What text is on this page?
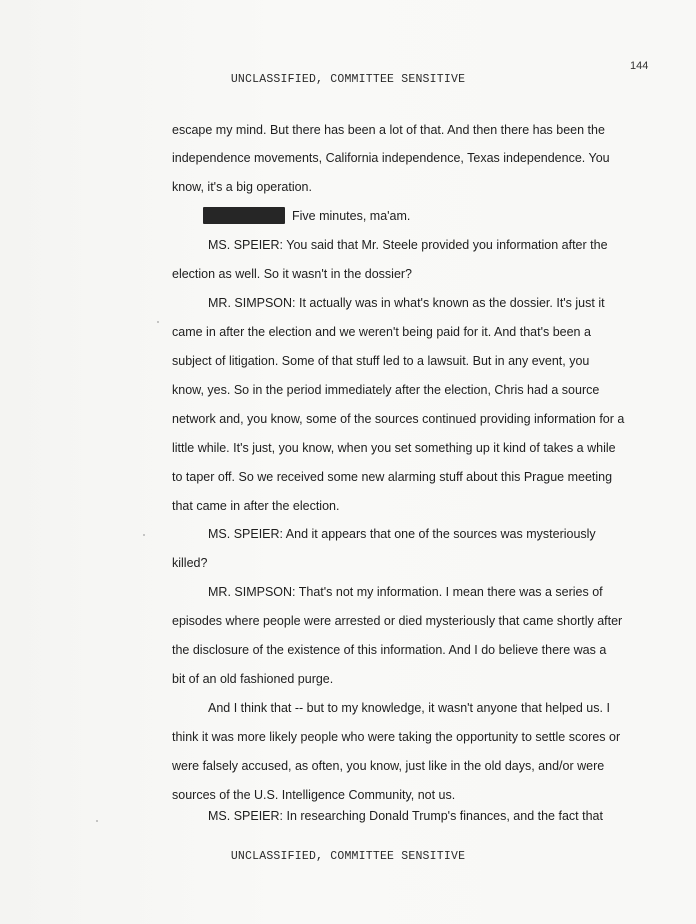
144
UNCLASSIFIED, COMMITTEE SENSITIVE
escape my mind. But there has been a lot of that. And then there has been the
independence movements, California independence, Texas independence. You
know, it's a big operation.
Five minutes, ma'am.
MS. SPEIER: You said that Mr. Steele provided you information after the
election as well. So it wasn't in the dossier?
MR. SIMPSON: It actually was in what's known as the dossier. It's just it
came in after the election and we weren't being paid for it. And that's been a
subject of litigation. Some of that stuff led to a lawsuit. But in any event, you
know, yes. So in the period immediately after the election, Chris had a source
network and, you know, some of the sources continued providing information for a
little while. It's just, you know, when you set something up it kind of takes a while
to taper off. So we received some new alarming stuff about this Prague meeting
that came in after the election.
MS. SPEIER: And it appears that one of the sources was mysteriously
killed?
MR. SIMPSON: That's not my information. I mean there was a series of
episodes where people were arrested or died mysteriously that came shortly after
the disclosure of the existence of this information. And I do believe there was a
bit of an old fashioned purge.
And I think that -- but to my knowledge, it wasn't anyone that helped us. I
think it was more likely people who were taking the opportunity to settle scores or
were falsely accused, as often, you know, just like in the old days, and/or were
sources of the U.S. Intelligence Community, not us.
MS. SPEIER: In researching Donald Trump's finances, and the fact that
UNCLASSIFIED, COMMITTEE SENSITIVE
